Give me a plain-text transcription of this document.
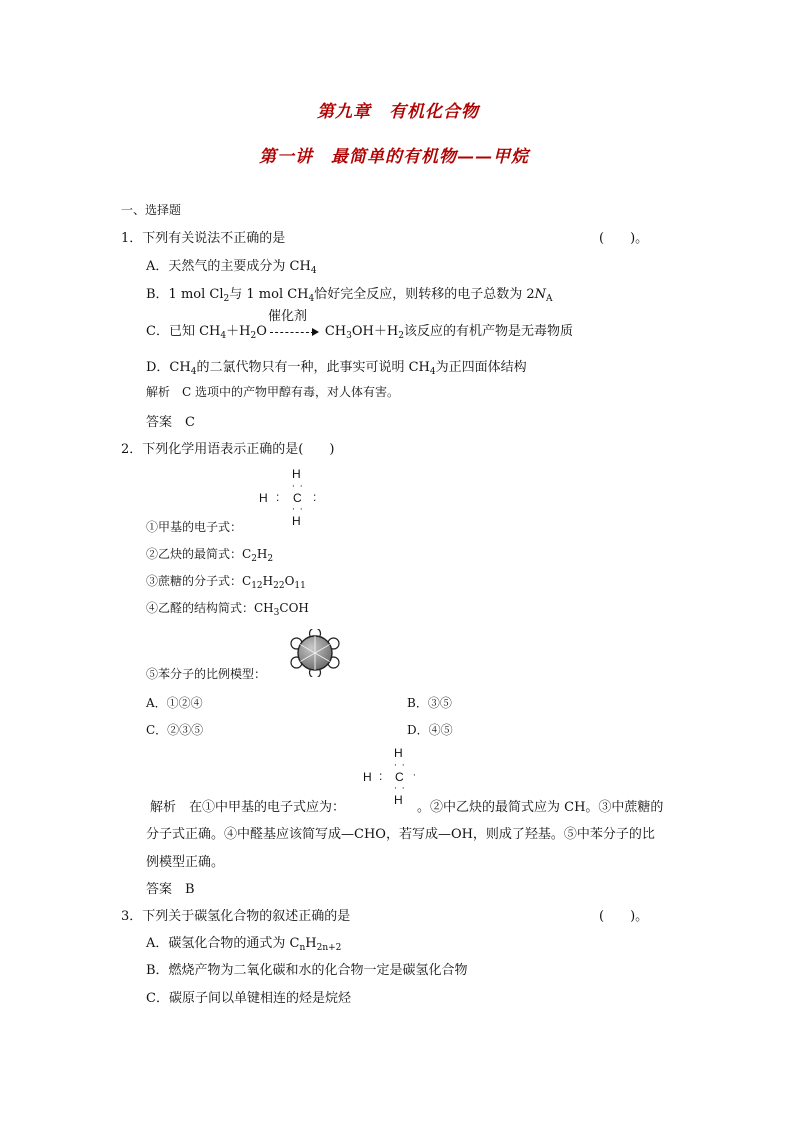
第九章　有机化合物
第一讲　最简单的有机物——甲烷
一、选择题
1．下列有关说法不正确的是	(　　)。
A．天然气的主要成分为 $CH_4$
B．1 mol $Cl_2$与 1 mol $CH_4$恰好完全反应，则转移的电子总数为 $2N_A$
催化剂
C．已知 $CH_4+H_2O$	$CH_3OH+H_2$该反应的有机产物是无毒物质
D．$CH_4$的二氯代物只有一种，此事实可说明 $CH_4$为正四面体结构
解析　C 选项中的产物甲醇有毒，对人体有害。
答案　C
2．下列化学用语表示正确的是(　　)
H
· ·
H : C :
· ·
H
①甲基的电子式：
②乙炔的最简式：$C_2H_2$
③蔗糖的分子式：$C_{12}H_{22}O_{11}$
④乙醛的结构简式：$CH_3COH$
⑤苯分子的比例模型：
A．①②④	B．③⑤
C．②③⑤	D．④⑤
H
· ·
H : C ·
· ·
H
解析　在①中甲基的电子式应为：	。②中乙炔的最简式应为 CH。③中蔗糖的
分子式正确。④中醛基应该简写成—CHO，若写成—OH，则成了羟基。⑤中苯分子的比
例模型正确。
答案　B
3．下列关于碳氢化合物的叙述正确的是	(　　)。
A．碳氢化合物的通式为 $C_nH_{2n+2}$
B．燃烧产物为二氧化碳和水的化合物一定是碳氢化合物
C．碳原子间以单键相连的烃是烷烃
